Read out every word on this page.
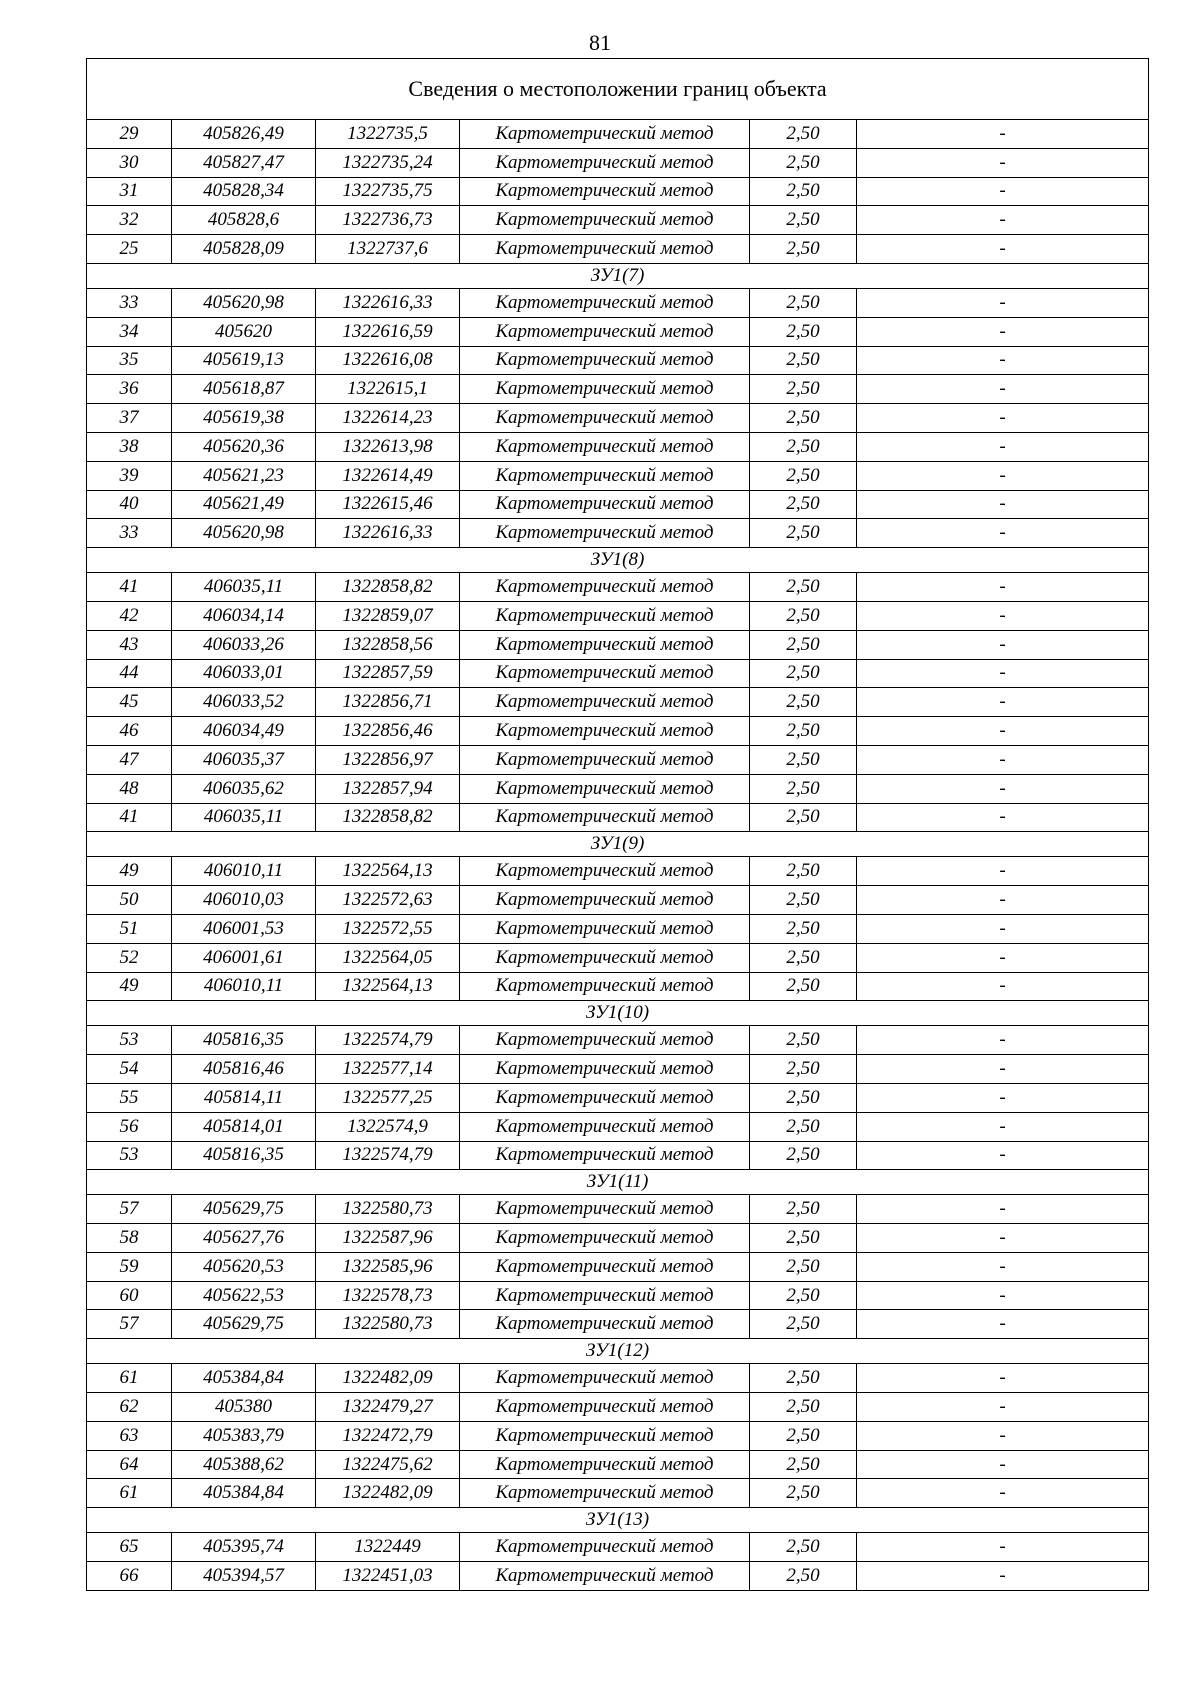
81
Сведения о местоположении границ объекта					
29	405826,49	1322735,5	Картометрический метод	2,50	-
30	405827,47	1322735,24	Картометрический метод	2,50	-
31	405828,34	1322735,75	Картометрический метод	2,50	-
32	405828,6	1322736,73	Картометрический метод	2,50	-
25	405828,09	1322737,6	Картометрический метод	2,50	-
ЗУ1(7)					
33	405620,98	1322616,33	Картометрический метод	2,50	-
34	405620	1322616,59	Картометрический метод	2,50	-
35	405619,13	1322616,08	Картометрический метод	2,50	-
36	405618,87	1322615,1	Картометрический метод	2,50	-
37	405619,38	1322614,23	Картометрический метод	2,50	-
38	405620,36	1322613,98	Картометрический метод	2,50	-
39	405621,23	1322614,49	Картометрический метод	2,50	-
40	405621,49	1322615,46	Картометрический метод	2,50	-
33	405620,98	1322616,33	Картометрический метод	2,50	-
ЗУ1(8)					
41	406035,11	1322858,82	Картометрический метод	2,50	-
42	406034,14	1322859,07	Картометрический метод	2,50	-
43	406033,26	1322858,56	Картометрический метод	2,50	-
44	406033,01	1322857,59	Картометрический метод	2,50	-
45	406033,52	1322856,71	Картометрический метод	2,50	-
46	406034,49	1322856,46	Картометрический метод	2,50	-
47	406035,37	1322856,97	Картометрический метод	2,50	-
48	406035,62	1322857,94	Картометрический метод	2,50	-
41	406035,11	1322858,82	Картометрический метод	2,50	-
ЗУ1(9)					
49	406010,11	1322564,13	Картометрический метод	2,50	-
50	406010,03	1322572,63	Картометрический метод	2,50	-
51	406001,53	1322572,55	Картометрический метод	2,50	-
52	406001,61	1322564,05	Картометрический метод	2,50	-
49	406010,11	1322564,13	Картометрический метод	2,50	-
ЗУ1(10)					
53	405816,35	1322574,79	Картометрический метод	2,50	-
54	405816,46	1322577,14	Картометрический метод	2,50	-
55	405814,11	1322577,25	Картометрический метод	2,50	-
56	405814,01	1322574,9	Картометрический метод	2,50	-
53	405816,35	1322574,79	Картометрический метод	2,50	-
ЗУ1(11)					
57	405629,75	1322580,73	Картометрический метод	2,50	-
58	405627,76	1322587,96	Картометрический метод	2,50	-
59	405620,53	1322585,96	Картометрический метод	2,50	-
60	405622,53	1322578,73	Картометрический метод	2,50	-
57	405629,75	1322580,73	Картометрический метод	2,50	-
ЗУ1(12)					
61	405384,84	1322482,09	Картометрический метод	2,50	-
62	405380	1322479,27	Картометрический метод	2,50	-
63	405383,79	1322472,79	Картометрический метод	2,50	-
64	405388,62	1322475,62	Картометрический метод	2,50	-
61	405384,84	1322482,09	Картометрический метод	2,50	-
ЗУ1(13)					
65	405395,74	1322449	Картометрический метод	2,50	-
66	405394,57	1322451,03	Картометрический метод	2,50	-
